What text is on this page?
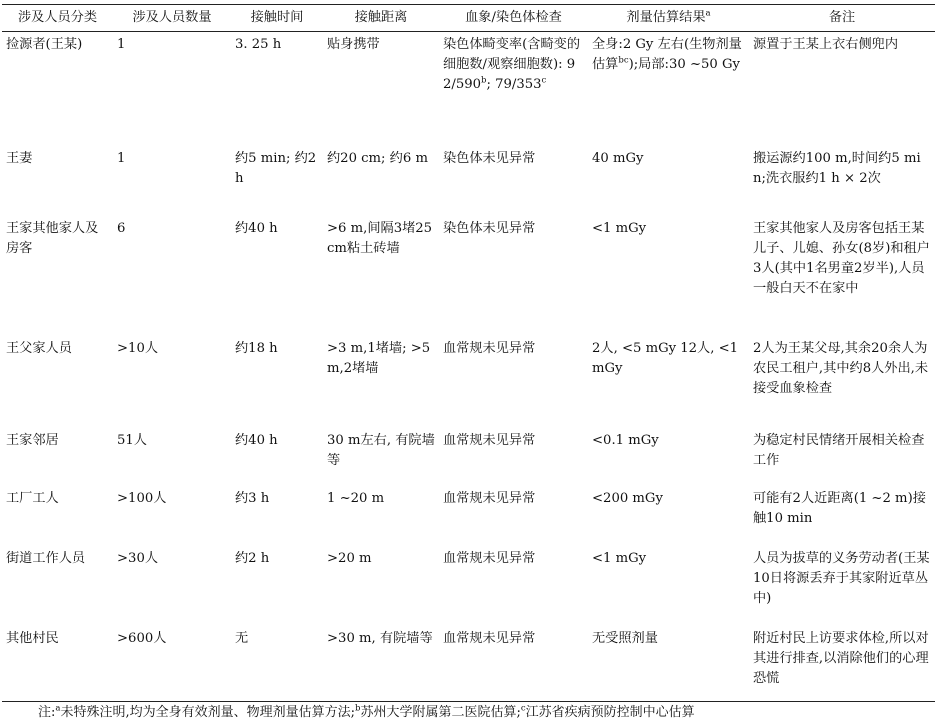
涉及人员分类	涉及人员数量	接触时间	接触距离	血象/染色体检查	剂量估算结果$^a$	备注
捡源者(王某)	1	3. 25 h	贴身携带	染色体畸变率(含畸变的细胞数/观察细胞数): 92/590$^b$; 79/353$^c$	全身:2 Gy 左右(生物剂量估算$^{bc}$);局部:30 ~50 Gy	源置于王某上衣右侧兜内
王妻	1	约5 min; 约2 h	约20 cm; 约6 m	染色体未见异常	40 mGy	搬运源约100 m,时间约5 min;洗衣服约1 h × 2次
王家其他家人及房客	6	约40 h	>6 m,间隔3堵25 cm粘土砖墙	染色体未见异常	<1 mGy	王家其他家人及房客包括王某儿子、儿媳、孙女(8岁)和租户3人(其中1名男童2岁半),人员一般白天不在家中
王父家人员	>10人	约18 h	>3 m,1堵墙; >5 m,2堵墙	血常规未见异常	2人, <5 mGy 12人, <1 mGy	2人为王某父母,其余20余人为农民工租户,其中约8人外出,未接受血象检查
王家邻居	51人	约40 h	30 m左右, 有院墙等	血常规未见异常	<0.1 mGy	为稳定村民情绪开展相关检查工作
工厂工人	>100人	约3 h	1 ~20 m	血常规未见异常	<200 mGy	可能有2人近距离(1 ~2 m)接触10 min
街道工作人员	>30人	约2 h	>20 m	血常规未见异常	<1 mGy	人员为拔草的义务劳动者(王某10日将源丢弃于其家附近草丛中)
其他村民	>600人	无	>30 m, 有院墙等	血常规未见异常	无受照剂量	附近村民上访要求体检,所以对其进行排查,以消除他们的心理恐慌
注:$^a$未特殊注明,均为全身有效剂量、物理剂量估算方法;$^b$苏州大学附属第二医院估算;$^c$江苏省疾病预防控制中心估算
